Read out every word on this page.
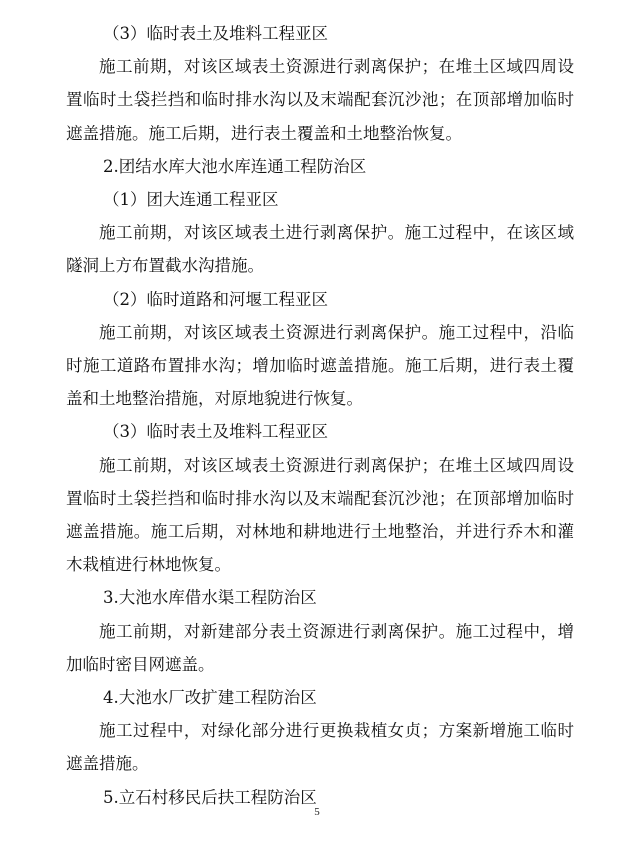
（3）临时表土及堆料工程亚区

施工前期，对该区域表土资源进行剥离保护；在堆土区域四周设置临时土袋拦挡和临时排水沟以及末端配套沉沙池；在顶部增加临时遮盖措施。施工后期，进行表土覆盖和土地整治恢复。

2.团结水库大池水库连通工程防治区

（1）团大连通工程亚区

施工前期，对该区域表土进行剥离保护。施工过程中，在该区域隧洞上方布置截水沟措施。

（2）临时道路和河堰工程亚区

施工前期，对该区域表土资源进行剥离保护。施工过程中，沿临时施工道路布置排水沟；增加临时遮盖措施。施工后期，进行表土覆盖和土地整治措施，对原地貌进行恢复。

（3）临时表土及堆料工程亚区

施工前期，对该区域表土资源进行剥离保护；在堆土区域四周设置临时土袋拦挡和临时排水沟以及末端配套沉沙池；在顶部增加临时遮盖措施。施工后期，对林地和耕地进行土地整治，并进行乔木和灌木栽植进行林地恢复。

3.大池水库借水渠工程防治区

施工前期，对新建部分表土资源进行剥离保护。施工过程中，增加临时密目网遮盖。

4.大池水厂改扩建工程防治区

施工过程中，对绿化部分进行更换栽植女贞；方案新增施工临时遮盖措施。

5.立石村移民后扶工程防治区

5
